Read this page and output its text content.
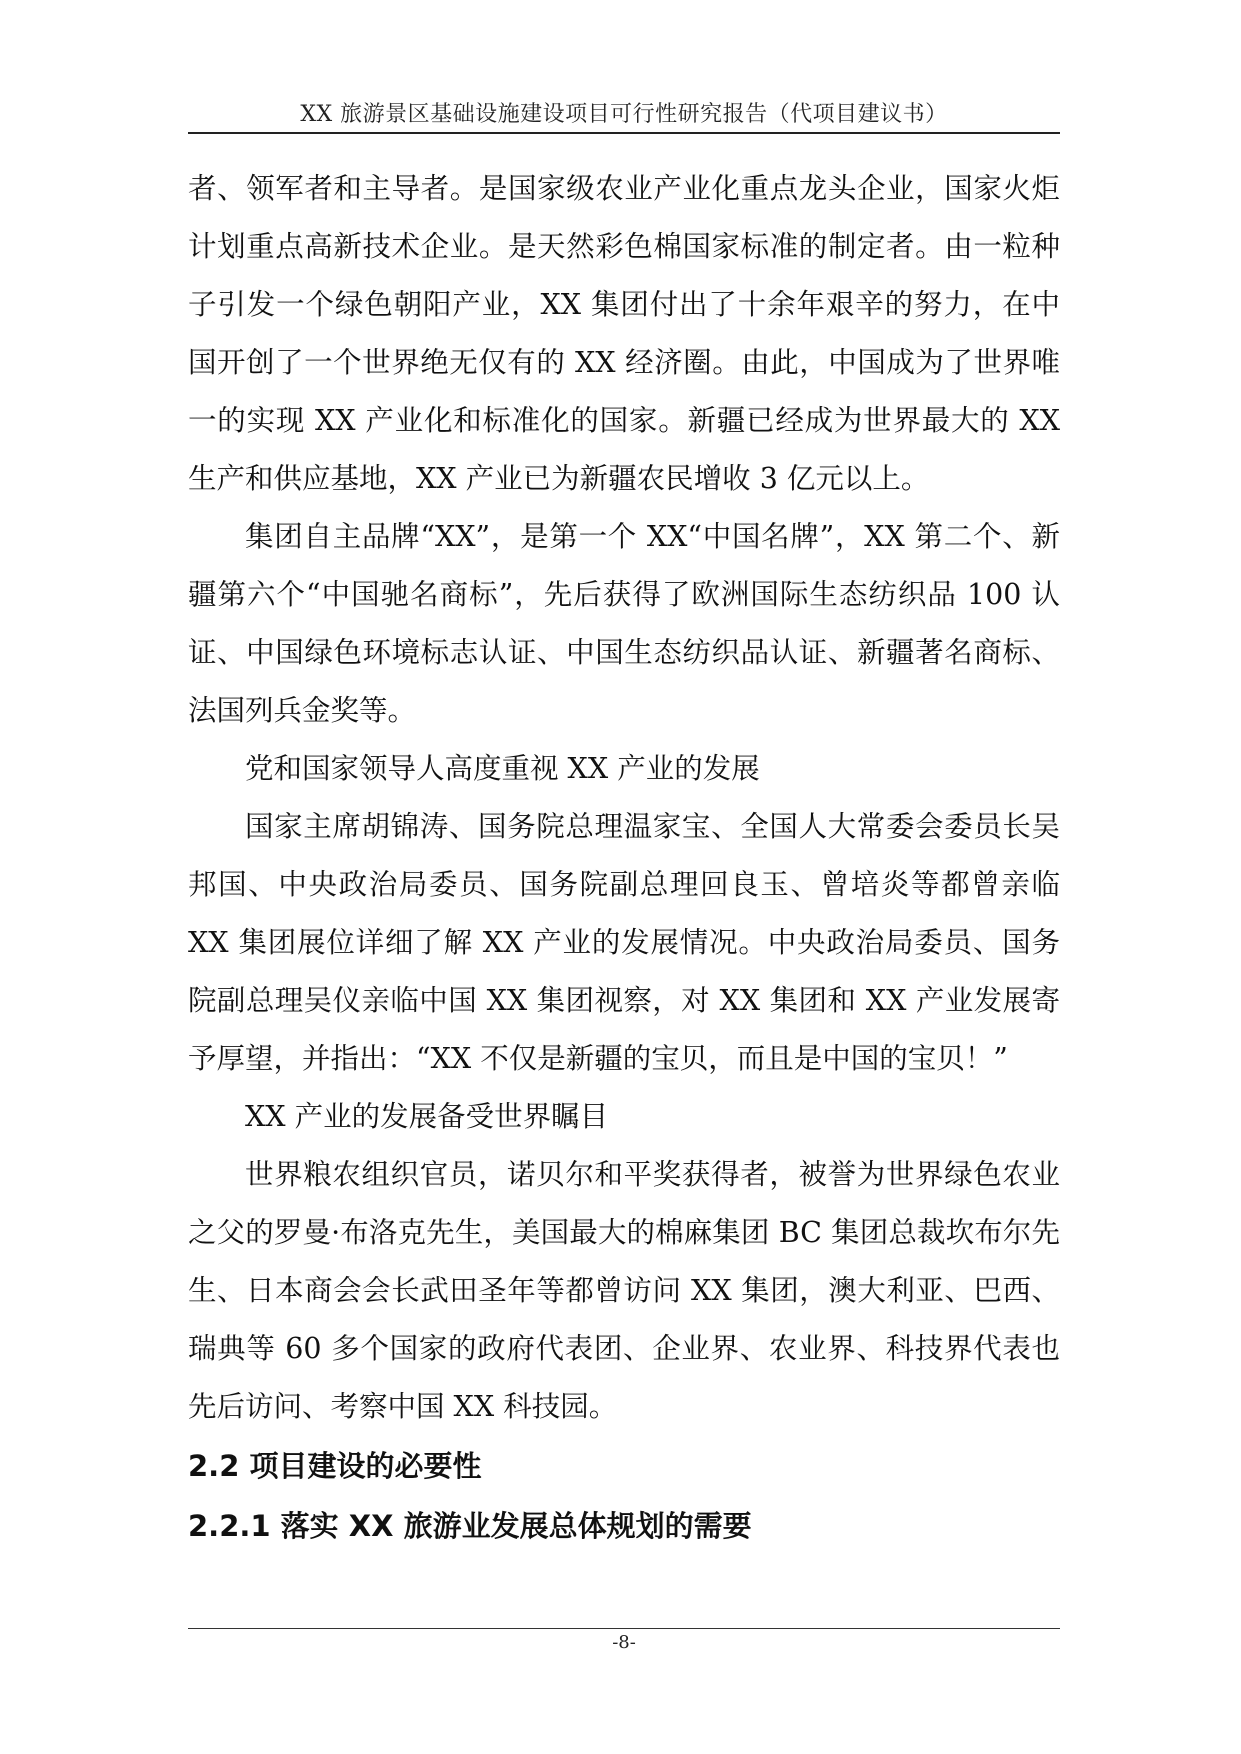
XX 旅游景区基础设施建设项目可行性研究报告（代项目建议书）

者、领军者和主导者。是国家级农业产业化重点龙头企业，国家火炬计划重点高新技术企业。是天然彩色棉国家标准的制定者。由一粒种子引发一个绿色朝阳产业，XX 集团付出了十余年艰辛的努力，在中国开创了一个世界绝无仅有的 XX 经济圈。由此，中国成为了世界唯一的实现 XX 产业化和标准化的国家。新疆已经成为世界最大的 XX 生产和供应基地，XX 产业已为新疆农民增收 3 亿元以上。

集团自主品牌“XX”，是第一个 XX“中国名牌”，XX 第二个、新疆第六个“中国驰名商标”，先后获得了欧洲国际生态纺织品 100 认证、中国绿色环境标志认证、中国生态纺织品认证、新疆著名商标、法国列兵金奖等。

党和国家领导人高度重视 XX 产业的发展

国家主席胡锦涛、国务院总理温家宝、全国人大常委会委员长吴邦国、中央政治局委员、国务院副总理回良玉、曾培炎等都曾亲临 XX 集团展位详细了解 XX 产业的发展情况。中央政治局委员、国务院副总理吴仪亲临中国 XX 集团视察，对 XX 集团和 XX 产业发展寄予厚望，并指出：“XX 不仅是新疆的宝贝，而且是中国的宝贝！”

XX 产业的发展备受世界瞩目

世界粮农组织官员，诺贝尔和平奖获得者，被誉为世界绿色农业之父的罗曼·布洛克先生，美国最大的棉麻集团 BC 集团总裁坎布尔先生、日本商会会长武田圣年等都曾访问 XX 集团，澳大利亚、巴西、瑞典等 60 多个国家的政府代表团、企业界、农业界、科技界代表也先后访问、考察中国 XX 科技园。

2.2 项目建设的必要性

2.2.1 落实 XX 旅游业发展总体规划的需要

-8-
